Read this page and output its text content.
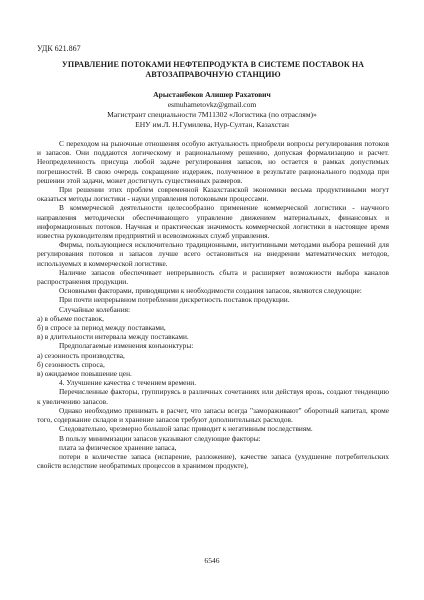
УДК 621.867
УПРАВЛЕНИЕ ПОТОКАМИ НЕФТЕПРОДУКТА В СИСТЕМЕ ПОСТАВОК НА АВТОЗАПРАВОЧНУЮ СТАНЦИЮ
Арыстанбеков Алишер Рахатович
esmuhametovkz@gmail.com
Магистрант специальности 7М11302 «Логистика (по отраслям)»
ЕНУ им.Л. Н.Гумилева, Нур-Султан, Казахстан

С переходом на рыночные отношения особую актуальность приобрели вопросы регулирования потоков и запасов. Они поддаются логическому и рациональному решению, допуская формализацию и расчет. Неопределенность присуща любой задаче регулирования запасов, но остается в рамках допустимых погрешностей. В свою очередь сокращение издержек, полученное в результате рационального подхода при решении этой задачи, может достигнуть существенных размеров.

При решении этих проблем современной Казахстанской экономики весьма продуктивными могут оказаться методы логистики - науки управления потоковыми процессами.

В коммерческой деятельности целесообразно применение коммерческой логистики - научного направления методически обеспечивающего управление движением материальных, финансовых и информационных потоков. Научная и практическая значимость коммерческой логистики в настоящее время известна руководителям предприятий и всевозможных служб управления.

Фирмы, пользующиеся исключительно традиционными, интуитивными методами выбора решений для регулирования потоков и запасов лучше всего остановиться на внедрении математических методов, используемых в коммерческой логистике.

Наличие запасов обеспечивает непрерывность сбыта и расширяет возможности выбора каналов распространения продукции.

Основными факторами, приводящими к необходимости создания запасов, являются следующие:

При почти непрерывном потреблении дискретность поставок продукции.

Случайные колебания:

а) в объеме поставок,

б) в спросе за период между поставками,

в) в длительности интервала между поставками.

Предполагаемые изменения конъюнктуры:

а) сезонность производства,

б) сезонность спроса,

в) ожидаемое повышение цен.

4. Улучшение качества с течением времени.

Перечисленные факторы, группируясь в различных сочетаниях или действуя врозь, создают тенденцию к увеличению запасов.

Однако необходимо принимать в расчет, что запасы всегда "замораживают" оборотный капитал, кроме того, содержание складов и хранение запасов требуют дополнительных расходов.

Следовательно, чрезмерно большой запас приводит к негативным последствиям.

В пользу минимизации запасов указывают следующие факторы:

плата за физическое хранение запаса,

потери в количестве запаса (испарение, разложение), качестве запаса (ухудшение потребительских свойств вследствие необратимых процессов в хранимом продукте),

6546
